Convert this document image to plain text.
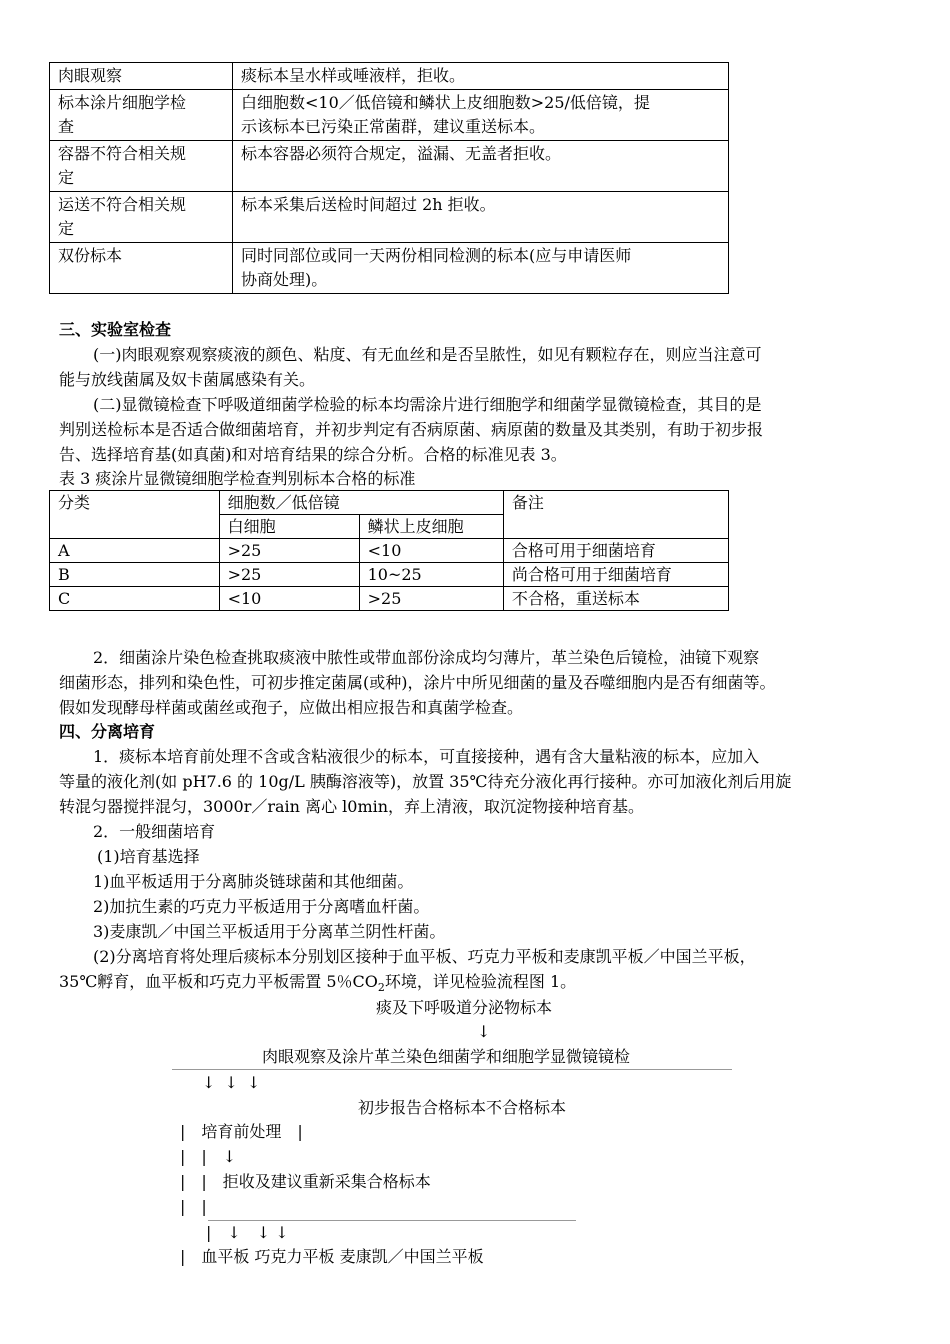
肉眼观察	痰标本呈水样或唾液样，拒收。
标本涂片细胞学检
查	白细胞数<10／低倍镜和鳞状上皮细胞数>25/低倍镜，提
示该标本已污染正常菌群，建议重送标本。
容器不符合相关规
定	标本容器必须符合规定，溢漏、无盖者拒收。
运送不符合相关规
定	标本采集后送检时间超过 2h 拒收。
双份标本	同时同部位或同一天两份相同检测的标本(应与申请医师
协商处理)。
三、实验室检查
(一)肉眼观察观察痰液的颜色、粘度、有无血丝和是否呈脓性，如见有颗粒存在，则应当注意可
能与放线菌属及奴卡菌属感染有关。
(二)显微镜检查下呼吸道细菌学检验的标本均需涂片进行细胞学和细菌学显微镜检查，其目的是
判别送检标本是否适合做细菌培育，并初步判定有否病原菌、病原菌的数量及其类别，有助于初步报
告、选择培育基(如真菌)和对培育结果的综合分析。合格的标准见表 3。
表 3 痰涂片显微镜细胞学检查判别标本合格的标准
分类	细胞数／低倍镜		备注
	白细胞	鳞状上皮细胞	
A	>25	<10	合格可用于细菌培育
B	>25	10~25	尚合格可用于细菌培育
C	<10	>25	不合格，重送标本
2．细菌涂片染色检查挑取痰液中脓性或带血部份涂成均匀薄片，革兰染色后镜检，油镜下观察
细菌形态，排列和染色性，可初步推定菌属(或种)，涂片中所见细菌的量及吞噬细胞内是否有细菌等。
假如发现酵母样菌或菌丝或孢子，应做出相应报告和真菌学检查。
四、分离培育
1．痰标本培育前处理不含或含粘液很少的标本，可直接接种，遇有含大量粘液的标本，应加入
等量的液化剂(如 pH7.6 的 10g/L 胰酶溶液等)，放置 35℃待充分液化再行接种。亦可加液化剂后用旋
转混匀器搅拌混匀，3000r／rain 离心 l0min，弃上清液，取沉淀物接种培育基。
2．一般细菌培育
(1)培育基选择
1)血平板适用于分离肺炎链球菌和其他细菌。
2)加抗生素的巧克力平板适用于分离嗜血杆菌。
3)麦康凯／中国兰平板适用于分离革兰阴性杆菌。
(2)分离培育将处理后痰标本分别划区接种于血平板、巧克力平板和麦康凯平板／中国兰平板，
35℃孵育，血平板和巧克力平板需置 5％$CO_2$环境，详见检验流程图 1。
痰及下呼吸道分泌物标本
↓
肉眼观察及涂片革兰染色细菌学和细胞学显微镜镜检
↓ ↓ ↓
初步报告合格标本不合格标本
|　培育前处理　|
|　|　↓
|　|　拒收及建议重新采集合格标本
|　|
|　↓　↓ ↓
|　血平板 巧克力平板 麦康凯／中国兰平板
